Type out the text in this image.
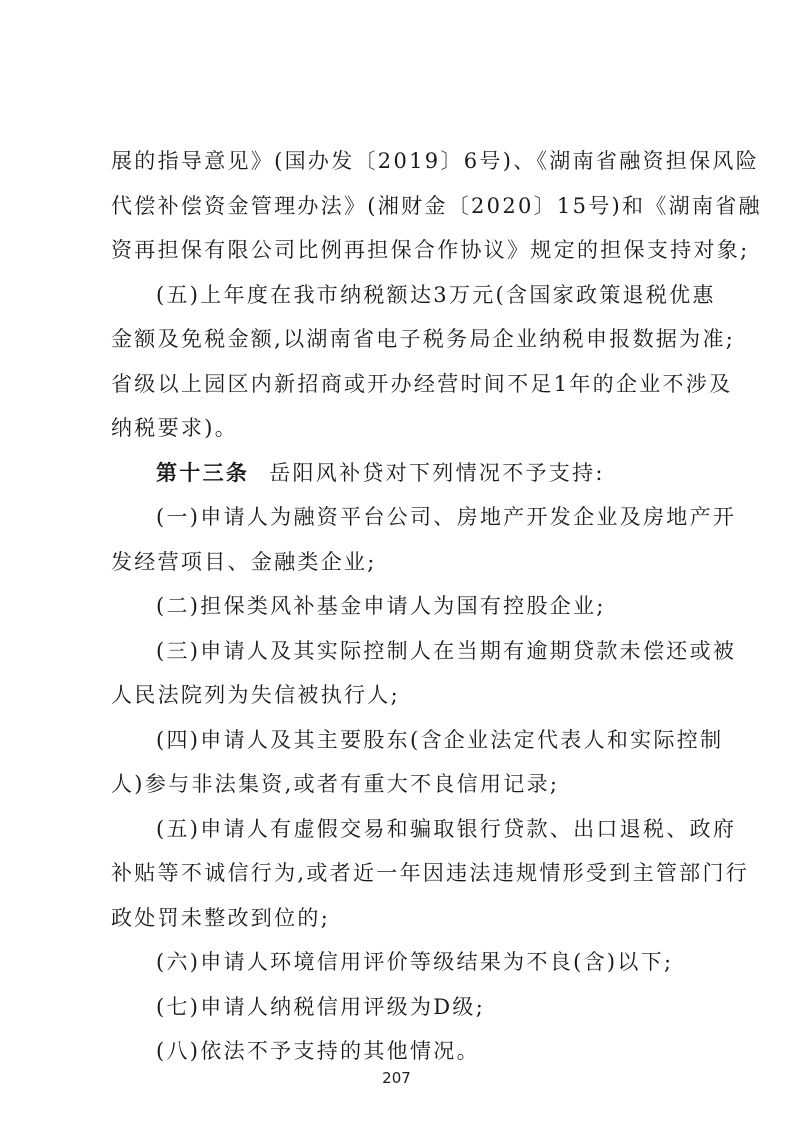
展的指导意见》(国办发〔2019〕6号)、《湖南省融资担保风险
代偿补偿资金管理办法》(湘财金〔2020〕15号)和《湖南省融
资再担保有限公司比例再担保合作协议》规定的担保支持对象;
(五)上年度在我市纳税额达3万元(含国家政策退税优惠
金额及免税金额,以湖南省电子税务局企业纳税申报数据为准;
省级以上园区内新招商或开办经营时间不足1年的企业不涉及
纳税要求)。
第十三条 岳阳风补贷对下列情况不予支持:
(一)申请人为融资平台公司、房地产开发企业及房地产开
发经营项目、金融类企业;
(二)担保类风补基金申请人为国有控股企业;
(三)申请人及其实际控制人在当期有逾期贷款未偿还或被
人民法院列为失信被执行人;
(四)申请人及其主要股东(含企业法定代表人和实际控制
人)参与非法集资,或者有重大不良信用记录;
(五)申请人有虚假交易和骗取银行贷款、出口退税、政府
补贴等不诚信行为,或者近一年因违法违规情形受到主管部门行
政处罚未整改到位的;
(六)申请人环境信用评价等级结果为不良(含)以下;
(七)申请人纳税信用评级为D级;
207
(八)依法不予支持的其他情况。
